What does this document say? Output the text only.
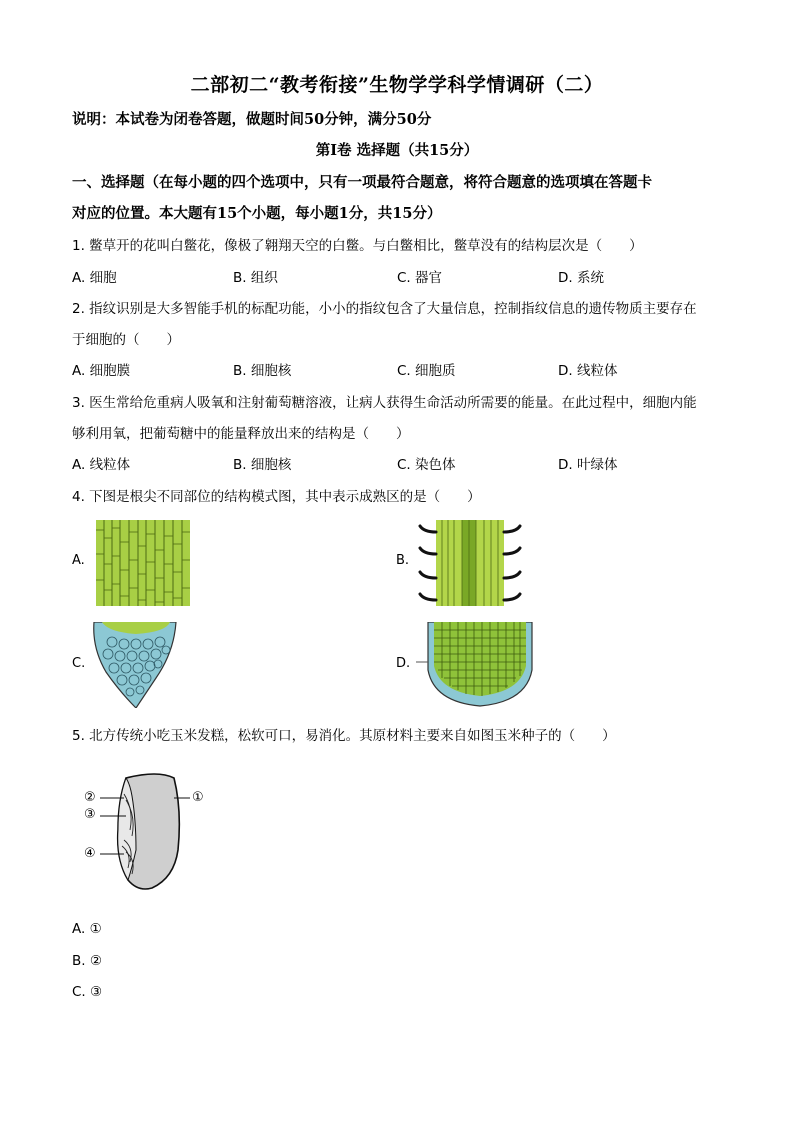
二部初二“教考衔接”生物学学科学情调研（二）
说明：本试卷为闭卷答题，做题时间50分钟，满分50分
第Ⅰ卷 选择题（共15分）
一、选择题（在每小题的四个选项中，只有一项最符合题意，将符合题意的选项填在答题卡
对应的位置。本大题有15个小题，每小题1分，共15分）
1. 鳖草开的花叫白鳖花，像极了翱翔天空的白鳖。与白鳖相比，鳖草没有的结构层次是（　　）
A. 细胞	B. 组织	C. 器官	D. 系统
2. 指纹识别是大多智能手机的标配功能，小小的指纹包含了大量信息，控制指纹信息的遗传物质主要存在
于细胞的（　　）
A. 细胞膜	B. 细胞核	C. 细胞质	D. 线粒体
3. 医生常给危重病人吸氧和注射葡萄糖溶液，让病人获得生命活动所需要的能量。在此过程中，细胞内能
够利用氧，把葡萄糖中的能量释放出来的结构是（　　）
A. 线粒体	B. 细胞核	C. 染色体	D. 叶绿体
4. 下图是根尖不同部位的结构模式图，其中表示成熟区的是（　　）
A.	B.
C.	D.
5. 北方传统小吃玉米发糕，松软可口，易消化。其原材料主要来自如图玉米种子的（　　）
②
③
④
①
A. ①
B. ②
C. ③
